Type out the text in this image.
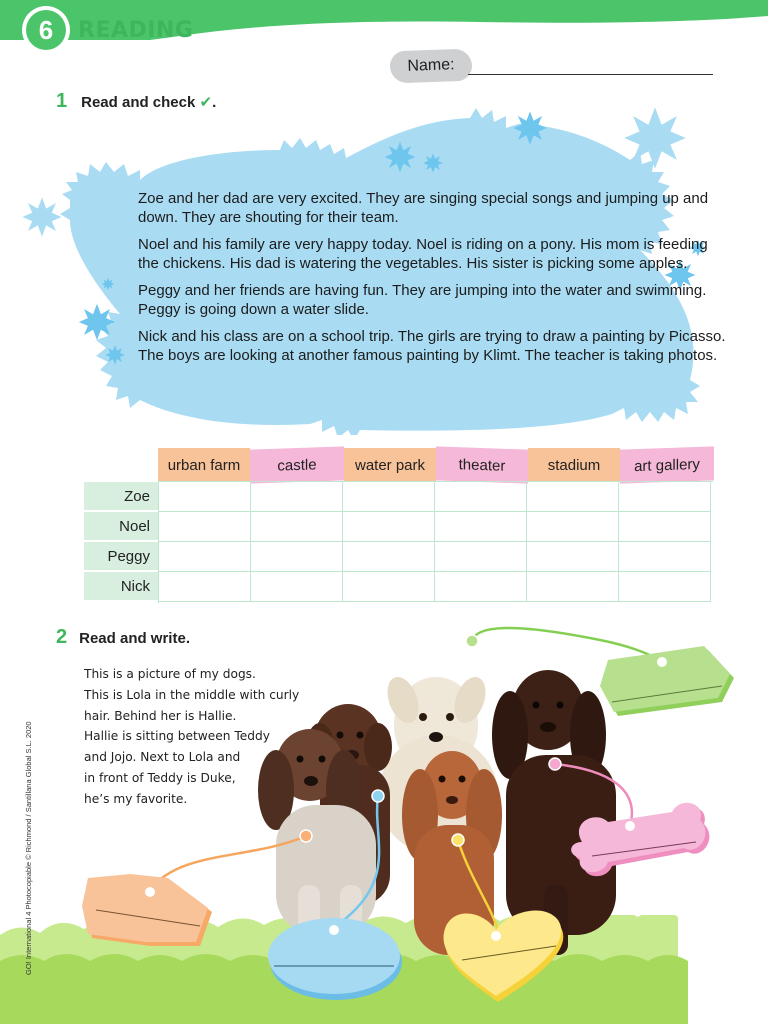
6	READING
Name:
1 Read and check ✔.

Zoe and her dad are very excited. They are singing special songs and jumping up and down. They are shouting for their team.

Noel and his family are very happy today. Noel is riding on a pony. His mom is feeding the chickens. His dad is watering the vegetables. His sister is picking some apples.

Peggy and her friends are having fun. They are jumping into the water and swimming. Peggy is going down a water slide.

Nick and his class are on a school trip. The girls are trying to draw a painting by Picasso. The boys are looking at another famous painting by Klimt. The teacher is taking photos.

urban farm	castle	water park	theater	stadium	art gallery
Zoe
Noel
Peggy
Nick
2 Read and write.
This is a picture of my dogs.
This is Lola in the middle with curly
hair. Behind her is Hallie.
Hallie is sitting between Teddy
and Jojo. Next to Lola and
in front of Teddy is Duke,
he’s my favorite.
GO! International 4 Photocopiable © Richmond / Santillana Global S.L. 2020
